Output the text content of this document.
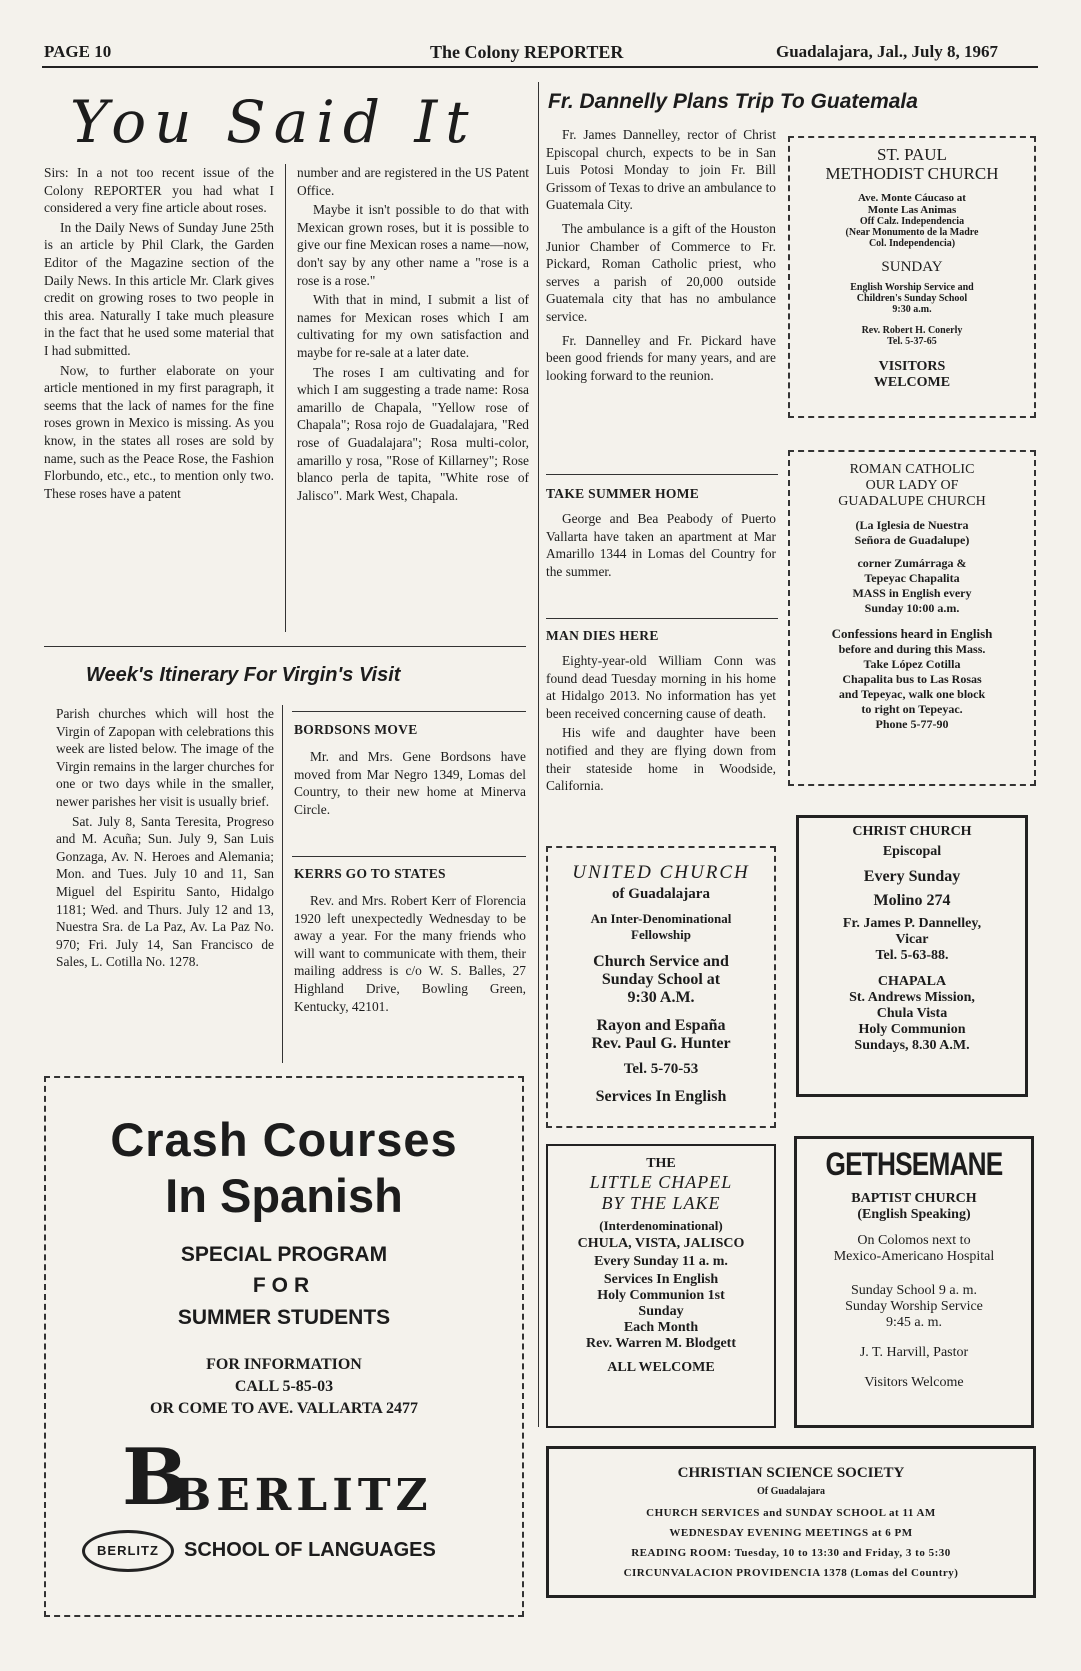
PAGE 10	The Colony REPORTER	Guadalajara, Jal., July 8, 1967
You Said It

Sirs: In a not too recent issue of the Colony REPORTER you had what I considered a very fine article about roses.

In the Daily News of Sunday June 25th is an article by Phil Clark, the Garden Editor of the Magazine section of the Daily News. In this article Mr. Clark gives credit on growing roses to two people in this area. Naturally I take much pleasure in the fact that he used some material that I had submitted.

Now, to further elaborate on your article mentioned in my first paragraph, it seems that the lack of names for the fine roses grown in Mexico is missing. As you know, in the states all roses are sold by name, such as the Peace Rose, the Fashion Florbundo, etc., etc., to mention only two. These roses have a patent

number and are registered in the US Patent Office.

Maybe it isn't possible to do that with Mexican grown roses, but it is possible to give our fine Mexican roses a name—now, don't say by any other name a "rose is a rose is a rose."

With that in mind, I submit a list of names for Mexican roses which I am cultivating for my own satisfaction and maybe for re-sale at a later date.

The roses I am cultivating and for which I am suggesting a trade name: Rosa amarillo de Chapala, "Yellow rose of Chapala"; Rosa rojo de Guadalajara, "Red rose of Guadalajara"; Rosa multi-color, amarillo y rosa, "Rose of Killarney"; Rose blanco perla de tapita, "White rose of Jalisco". Mark West, Chapala.

Fr. Dannelly Plans Trip To Guatemala

Fr. James Dannelley, rector of Christ Episcopal church, expects to be in San Luis Potosi Monday to join Fr. Bill Grissom of Texas to drive an ambulance to Guatemala City.

The ambulance is a gift of the Houston Junior Chamber of Commerce to Fr. Pickard, Roman Catholic priest, who serves a parish of 20,000 outside Guatemala city that has no ambulance service.

Fr. Dannelley and Fr. Pickard have been good friends for many years, and are looking forward to the reunion.

TAKE SUMMER HOME

George and Bea Peabody of Puerto Vallarta have taken an apartment at Mar Amarillo 1344 in Lomas del Country for the summer.

MAN DIES HERE

Eighty-year-old William Conn was found dead Tuesday morning in his home at Hidalgo 2013. No information has yet been received concerning cause of death.

His wife and daughter have been notified and they are flying down from their stateside home in Woodside, California.

Week's Itinerary For Virgin's Visit

Parish churches which will host the Virgin of Zapopan with celebrations this week are listed below. The image of the Virgin remains in the larger churches for one or two days while in the smaller, newer parishes her visit is usually brief.

Sat. July 8, Santa Teresita, Progreso and M. Acuña; Sun. July 9, San Luis Gonzaga, Av. N. Heroes and Alemania; Mon. and Tues. July 10 and 11, San Miguel del Espiritu Santo, Hidalgo 1181; Wed. and Thurs. July 12 and 13, Nuestra Sra. de La Paz, Av. La Paz No. 970; Fri. July 14, San Francisco de Sales, L. Cotilla No. 1278.

BORDSONS MOVE

Mr. and Mrs. Gene Bordsons have moved from Mar Negro 1349, Lomas del Country, to their new home at Minerva Circle.

KERRS GO TO STATES

Rev. and Mrs. Robert Kerr of Florencia 1920 left unexpectedly Wednesday to be away a year. For the many friends who will want to communicate with them, their mailing address is c/o W. S. Balles, 27 Highland Drive, Bowling Green, Kentucky, 42101.

Crash Courses
In Spanish
SPECIAL PROGRAM
FOR
SUMMER STUDENTS
FOR INFORMATION
CALL 5-85-03
OR COME TO AVE. VALLARTA 2477
B
BERLITZ
BERLITZ	SCHOOL OF LANGUAGES

UNITED CHURCH

of Guadalajara

An Inter-Denominational

Fellowship

Church Service and

Sunday School at

9:30 A.M.

Rayon and España

Rev. Paul G. Hunter

Tel. 5-70-53

Services In English

THE

LITTLE CHAPEL

BY THE LAKE

(Interdenominational)

CHULA, VISTA, JALISCO

Every Sunday 11 a. m.

Services In English

Holy Communion 1st

Sunday

Each Month

Rev. Warren M. Blodgett

ALL WELCOME

ST. PAUL

METHODIST CHURCH

Ave. Monte Cáucaso at

Monte Las Animas

Off Calz. Independencia

(Near Monumento de la Madre

Col. Independencia)

SUNDAY

English Worship Service and

Children's Sunday School

9:30 a.m.

Rev. Robert H. Conerly

Tel. 5-37-65

VISITORS

WELCOME

ROMAN CATHOLIC

OUR LADY OF

GUADALUPE CHURCH

(La Iglesia de Nuestra

Señora de Guadalupe)

corner Zumárraga &

Tepeyac Chapalita

MASS in English every

Sunday 10:00 a.m.

Confessions heard in English

before and during this Mass.

Take López Cotilla

Chapalita bus to Las Rosas

and Tepeyac, walk one block

to right on Tepeyac.

Phone 5-77-90

CHRIST CHURCH

Episcopal

Every Sunday

Molino 274

Fr. James P. Dannelley,

Vicar

Tel. 5-63-88.

CHAPALA

St. Andrews Mission,

Chula Vista

Holy Communion

Sundays, 8.30 A.M.

GETHSEMANE

BAPTIST CHURCH

(English Speaking)

On Colomos next to

Mexico-Americano Hospital

Sunday School 9 a. m.

Sunday Worship Service

9:45 a. m.

J. T. Harvill, Pastor

Visitors Welcome

CHRISTIAN SCIENCE SOCIETY

Of Guadalajara

CHURCH SERVICES and SUNDAY SCHOOL at 11 AM

WEDNESDAY EVENING MEETINGS at 6 PM

READING ROOM: Tuesday, 10 to 13:30 and Friday, 3 to 5:30

CIRCUNVALACION PROVIDENCIA 1378 (Lomas del Country)
